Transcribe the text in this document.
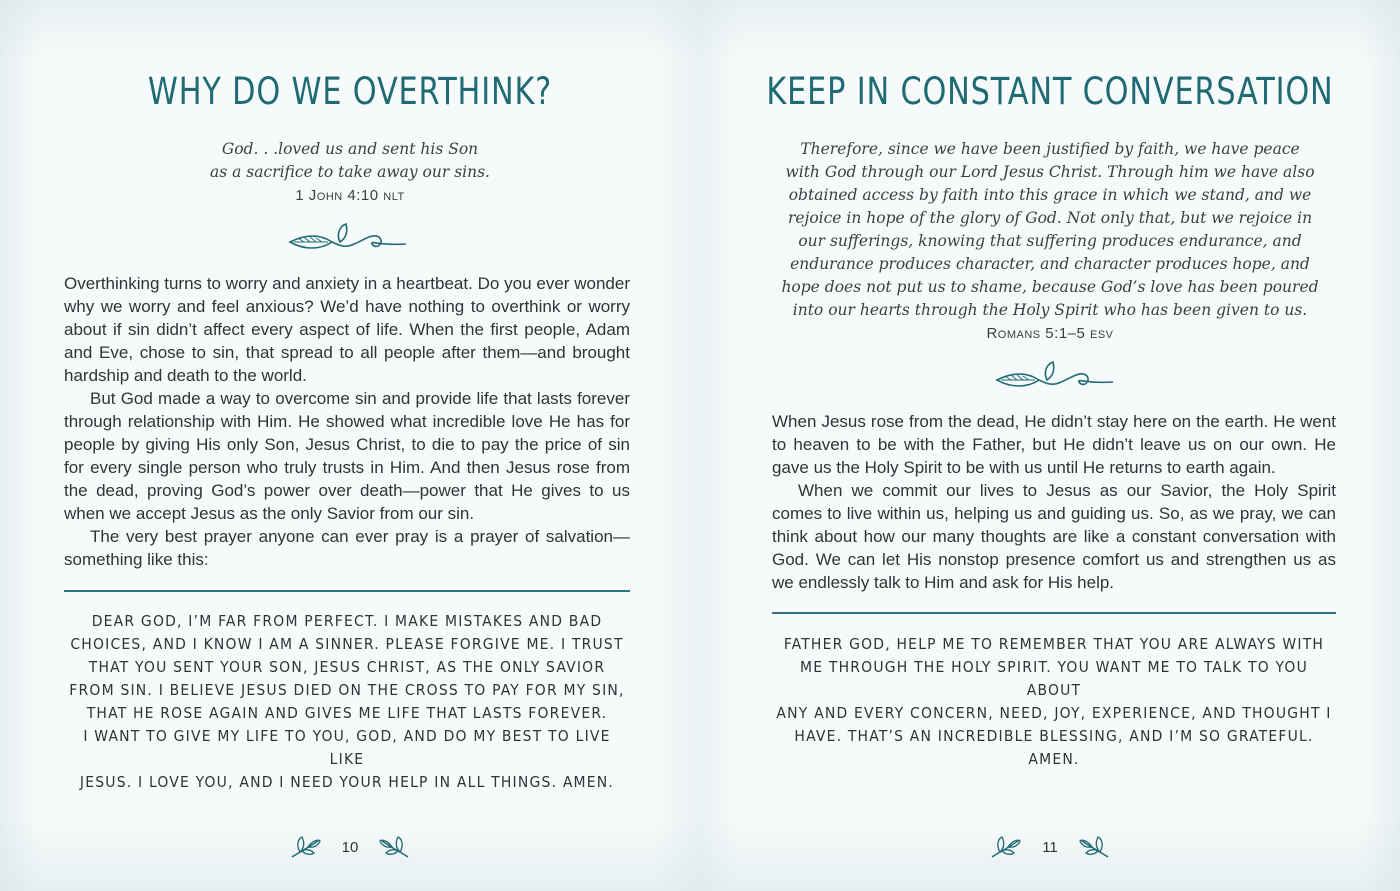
WHY DO WE OVERTHINK?
God. . .loved us and sent his Son
as a sacrifice to take away our sins.
1 John 4:10 nlt

Overthinking turns to worry and anxiety in a heartbeat. Do you ever wonder why we worry and feel anxious? We’d have nothing to overthink or worry about if sin didn’t affect every aspect of life. When the first people, Adam and Eve, chose to sin, that spread to all people after them—and brought hardship and death to the world.

But God made a way to overcome sin and provide life that lasts forever through relationship with Him. He showed what incredible love He has for people by giving His only Son, Jesus Christ, to die to pay the price of sin for every single person who truly trusts in Him. And then Jesus rose from the dead, proving God’s power over death—power that He gives to us when we accept Jesus as the only Savior from our sin.

The very best prayer anyone can ever pray is a prayer of salvation—something like this:

DEAR GOD, I’M FAR FROM PERFECT. I MAKE MISTAKES AND BAD
CHOICES, AND I KNOW I AM A SINNER. PLEASE FORGIVE ME. I TRUST
THAT YOU SENT YOUR SON, JESUS CHRIST, AS THE ONLY SAVIOR
FROM SIN. I BELIEVE JESUS DIED ON THE CROSS TO PAY FOR MY SIN,
THAT HE ROSE AGAIN AND GIVES ME LIFE THAT LASTS FOREVER.
I WANT TO GIVE MY LIFE TO YOU, GOD, AND DO MY BEST TO LIVE LIKE
JESUS. I LOVE YOU, AND I NEED YOUR HELP IN ALL THINGS. AMEN.
10
KEEP IN CONSTANT CONVERSATION
Therefore, since we have been justified by faith, we have peace
with God through our Lord Jesus Christ. Through him we have also
obtained access by faith into this grace in which we stand, and we
rejoice in hope of the glory of God. Not only that, but we rejoice in
our sufferings, knowing that suffering produces endurance, and
endurance produces character, and character produces hope, and
hope does not put us to shame, because God’s love has been poured
into our hearts through the Holy Spirit who has been given to us.
Romans 5:1–5 esv

When Jesus rose from the dead, He didn’t stay here on the earth. He went to heaven to be with the Father, but He didn’t leave us on our own. He gave us the Holy Spirit to be with us until He returns to earth again.

When we commit our lives to Jesus as our Savior, the Holy Spirit comes to live within us, helping us and guiding us. So, as we pray, we can think about how our many thoughts are like a constant conversation with God. We can let His nonstop presence comfort us and strengthen us as we endlessly talk to Him and ask for His help.

FATHER GOD, HELP ME TO REMEMBER THAT YOU ARE ALWAYS WITH
ME THROUGH THE HOLY SPIRIT. YOU WANT ME TO TALK TO YOU ABOUT
ANY AND EVERY CONCERN, NEED, JOY, EXPERIENCE, AND THOUGHT I
HAVE. THAT’S AN INCREDIBLE BLESSING, AND I’M SO GRATEFUL. AMEN.
11
